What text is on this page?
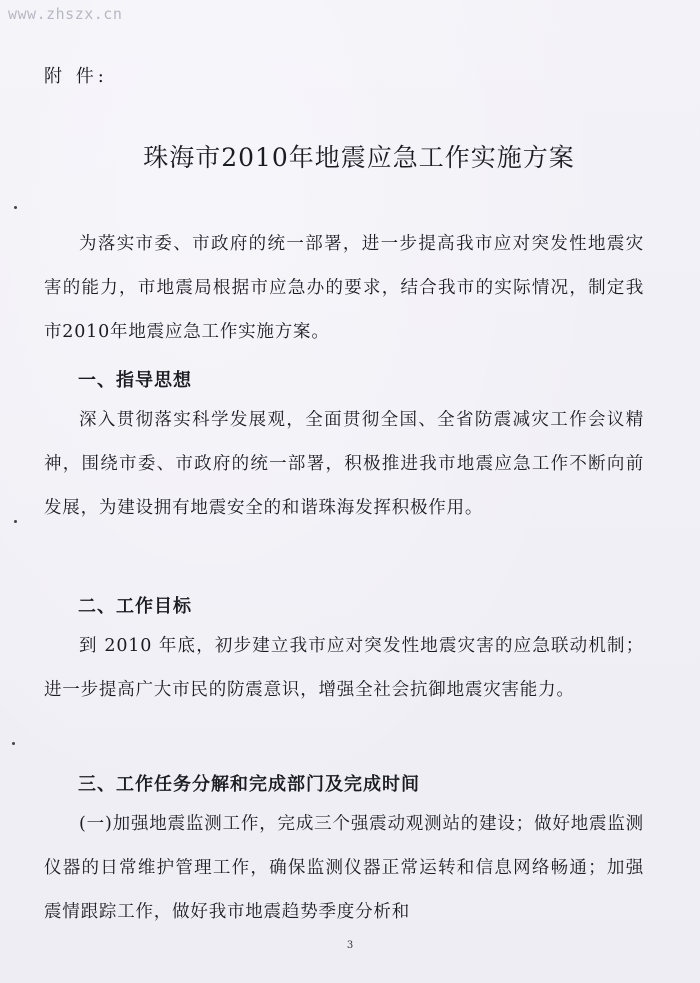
www.zhszx.cn
附 件:
珠海市2010年地震应急工作实施方案

为落实市委、市政府的统一部署，进一步提高我市应对突发性地震灾害的能力，市地震局根据市应急办的要求，结合我市的实际情况，制定我市2010年地震应急工作实施方案。

一、指导思想

深入贯彻落实科学发展观，全面贯彻全国、全省防震减灾工作会议精神，围绕市委、市政府的统一部署，积极推进我市地震应急工作不断向前发展，为建设拥有地震安全的和谐珠海发挥积极作用。

二、工作目标

到 2010 年底，初步建立我市应对突发性地震灾害的应急联动机制；进一步提高广大市民的防震意识，增强全社会抗御地震灾害能力。

三、工作任务分解和完成部门及完成时间

(一)加强地震监测工作，完成三个强震动观测站的建设；做好地震监测仪器的日常维护管理工作，确保监测仪器正常运转和信息网络畅通；加强震情跟踪工作，做好我市地震趋势季度分析和

3
